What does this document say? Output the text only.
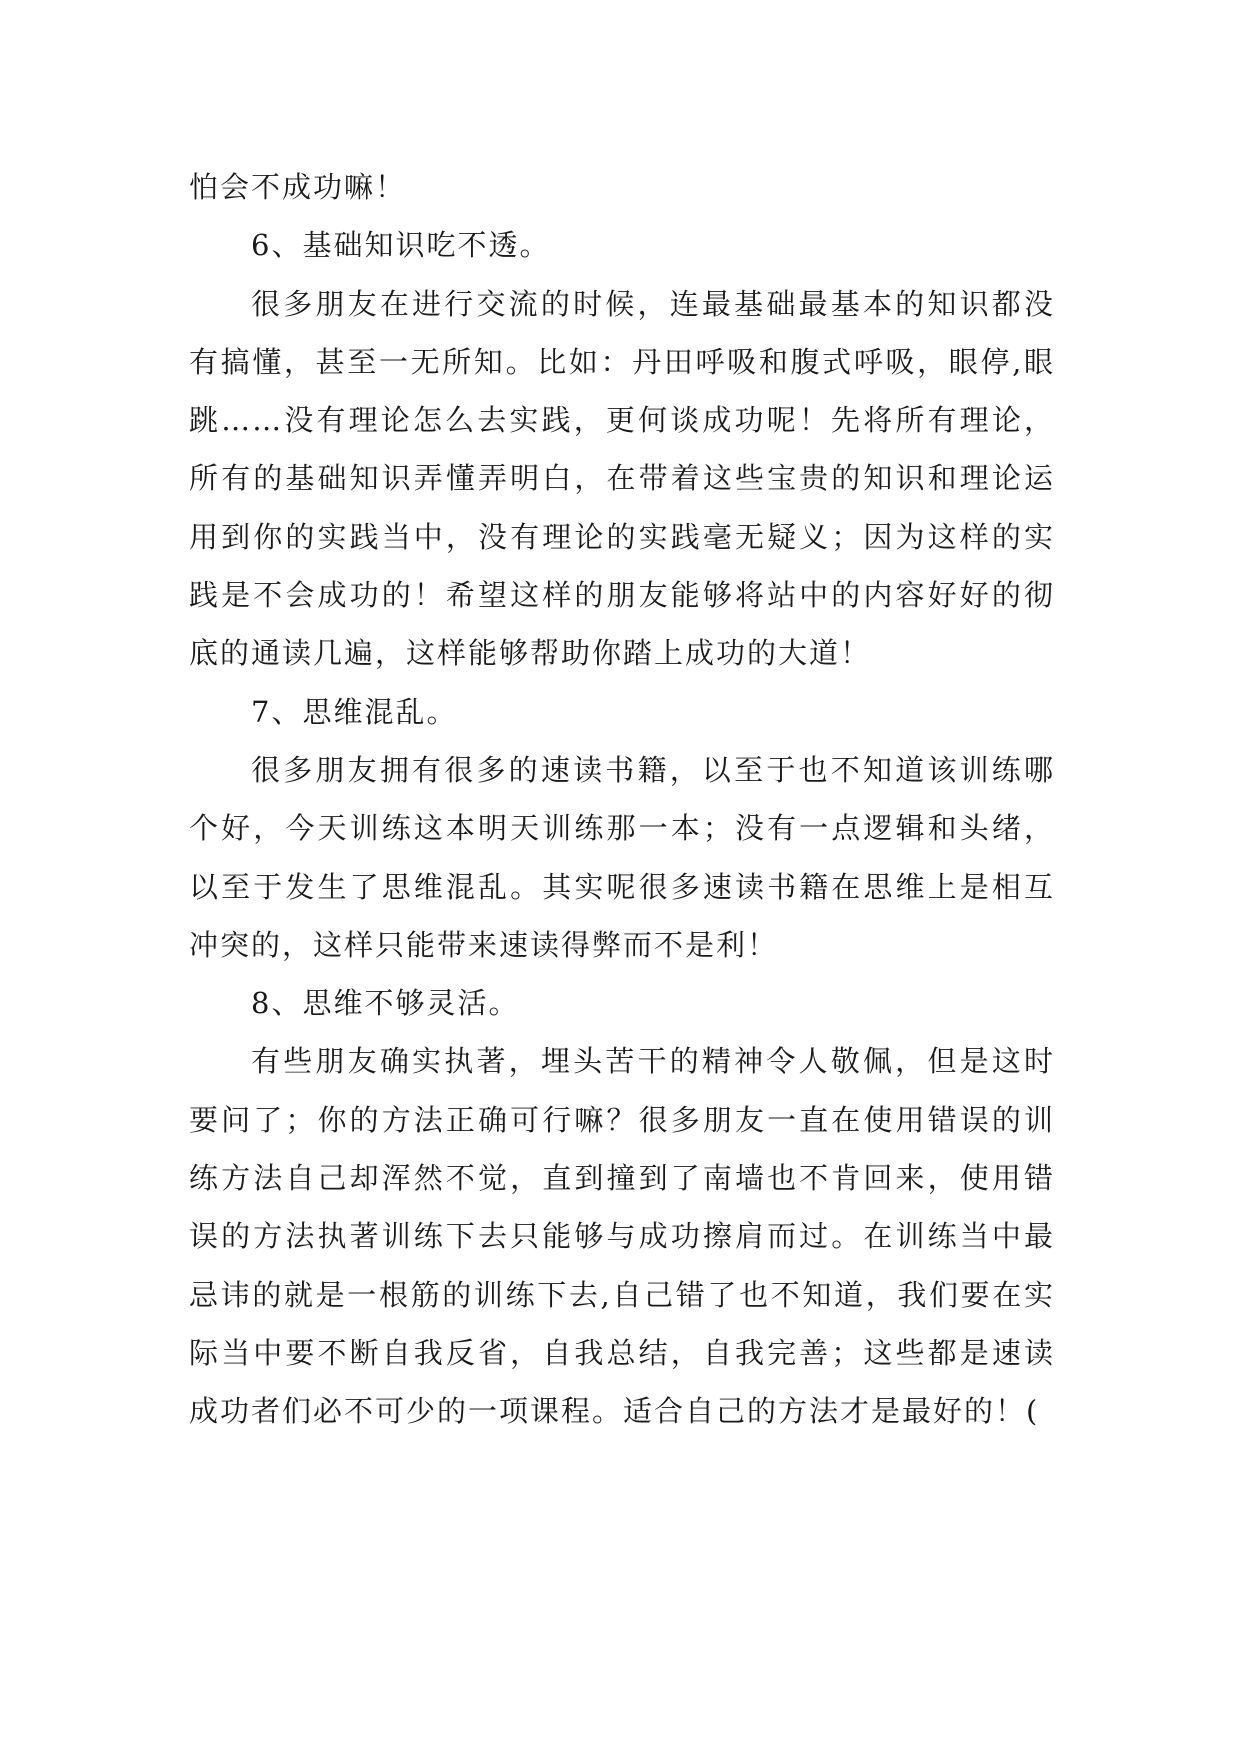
怕会不成功嘛！

6、基础知识吃不透。

很多朋友在进行交流的时候，连最基础最基本的知识都没有搞懂，甚至一无所知。比如：丹田呼吸和腹式呼吸，眼停,眼跳……没有理论怎么去实践，更何谈成功呢！先将所有理论，所有的基础知识弄懂弄明白，在带着这些宝贵的知识和理论运用到你的实践当中，没有理论的实践毫无疑义；因为这样的实践是不会成功的！希望这样的朋友能够将站中的内容好好的彻底的通读几遍，这样能够帮助你踏上成功的大道！

7、思维混乱。

很多朋友拥有很多的速读书籍，以至于也不知道该训练哪个好，今天训练这本明天训练那一本；没有一点逻辑和头绪，以至于发生了思维混乱。其实呢很多速读书籍在思维上是相互冲突的，这样只能带来速读得弊而不是利！

8、思维不够灵活。

有些朋友确实执著，埋头苦干的精神令人敬佩，但是这时要问了；你的方法正确可行嘛？很多朋友一直在使用错误的训练方法自己却浑然不觉，直到撞到了南墙也不肯回来，使用错误的方法执著训练下去只能够与成功擦肩而过。在训练当中最忌讳的就是一根筋的训练下去,自己错了也不知道，我们要在实际当中要不断自我反省，自我总结，自我完善；这些都是速读成功者们必不可少的一项课程。适合自己的方法才是最好的！(
